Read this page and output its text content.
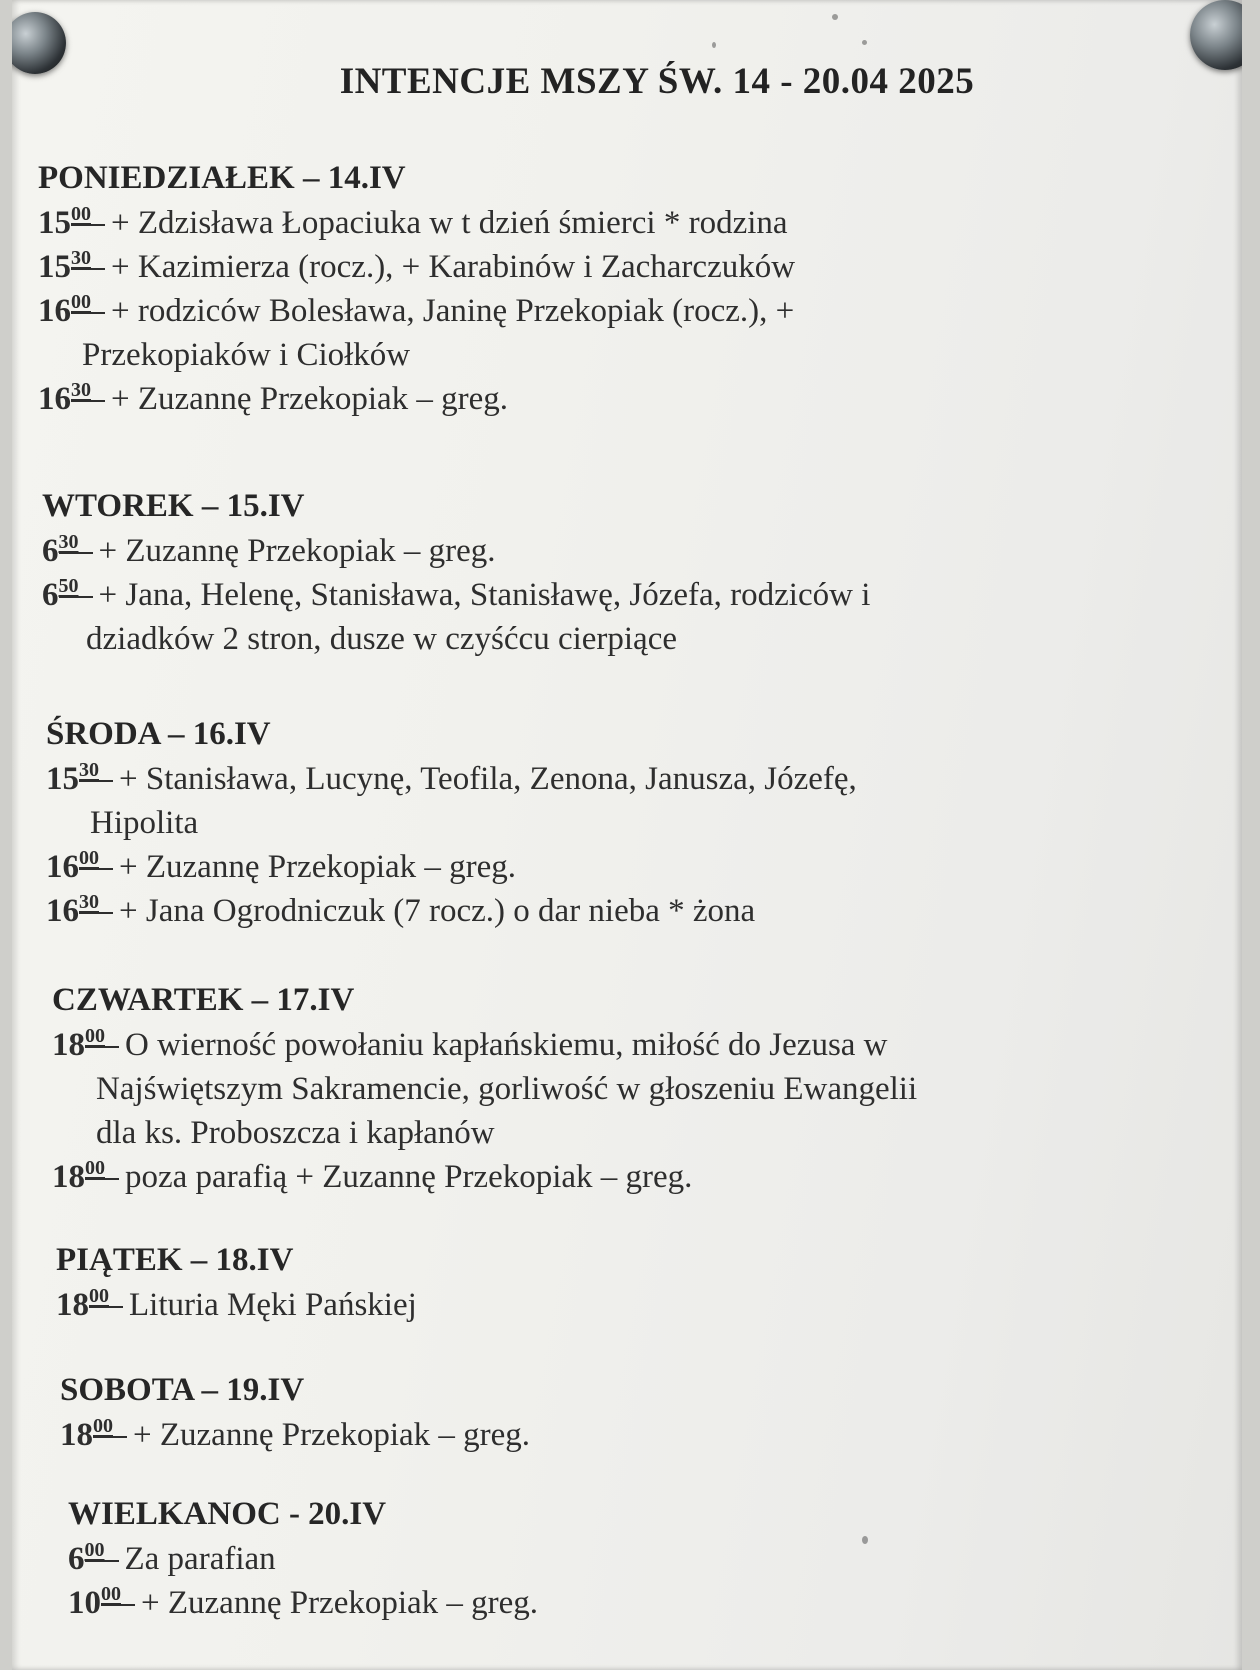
INTENCJE MSZY ŚW. 14 - 20.04 2025
PONIEDZIAŁEK – 14.IV
1500 + Zdzisława Łopaciuka w t dzień śmierci * rodzina
1530 + Kazimierza (rocz.), + Karabinów i Zacharczuków
1600 + rodziców Bolesława, Janinę Przekopiak (rocz.), +
Przekopiaków i Ciołków
1630 + Zuzannę Przekopiak – greg.
WTOREK – 15.IV
630 + Zuzannę Przekopiak – greg.
650 + Jana, Helenę, Stanisława, Stanisławę, Józefa, rodziców i
dziadków 2 stron, dusze w czyśćcu cierpiące
ŚRODA – 16.IV
1530 + Stanisława, Lucynę, Teofila, Zenona, Janusza, Józefę,
Hipolita
1600 + Zuzannę Przekopiak – greg.
1630 + Jana Ogrodniczuk (7 rocz.) o dar nieba * żona
CZWARTEK – 17.IV
1800 O wierność powołaniu kapłańskiemu, miłość do Jezusa w
Najświętszym Sakramencie, gorliwość w głoszeniu Ewangelii
dla ks. Proboszcza i kapłanów
1800 poza parafią + Zuzannę Przekopiak – greg.
PIĄTEK – 18.IV
1800 Lituria Męki Pańskiej
SOBOTA – 19.IV
1800 + Zuzannę Przekopiak – greg.
WIELKANOC - 20.IV
600 Za parafian
1000 + Zuzannę Przekopiak – greg.
